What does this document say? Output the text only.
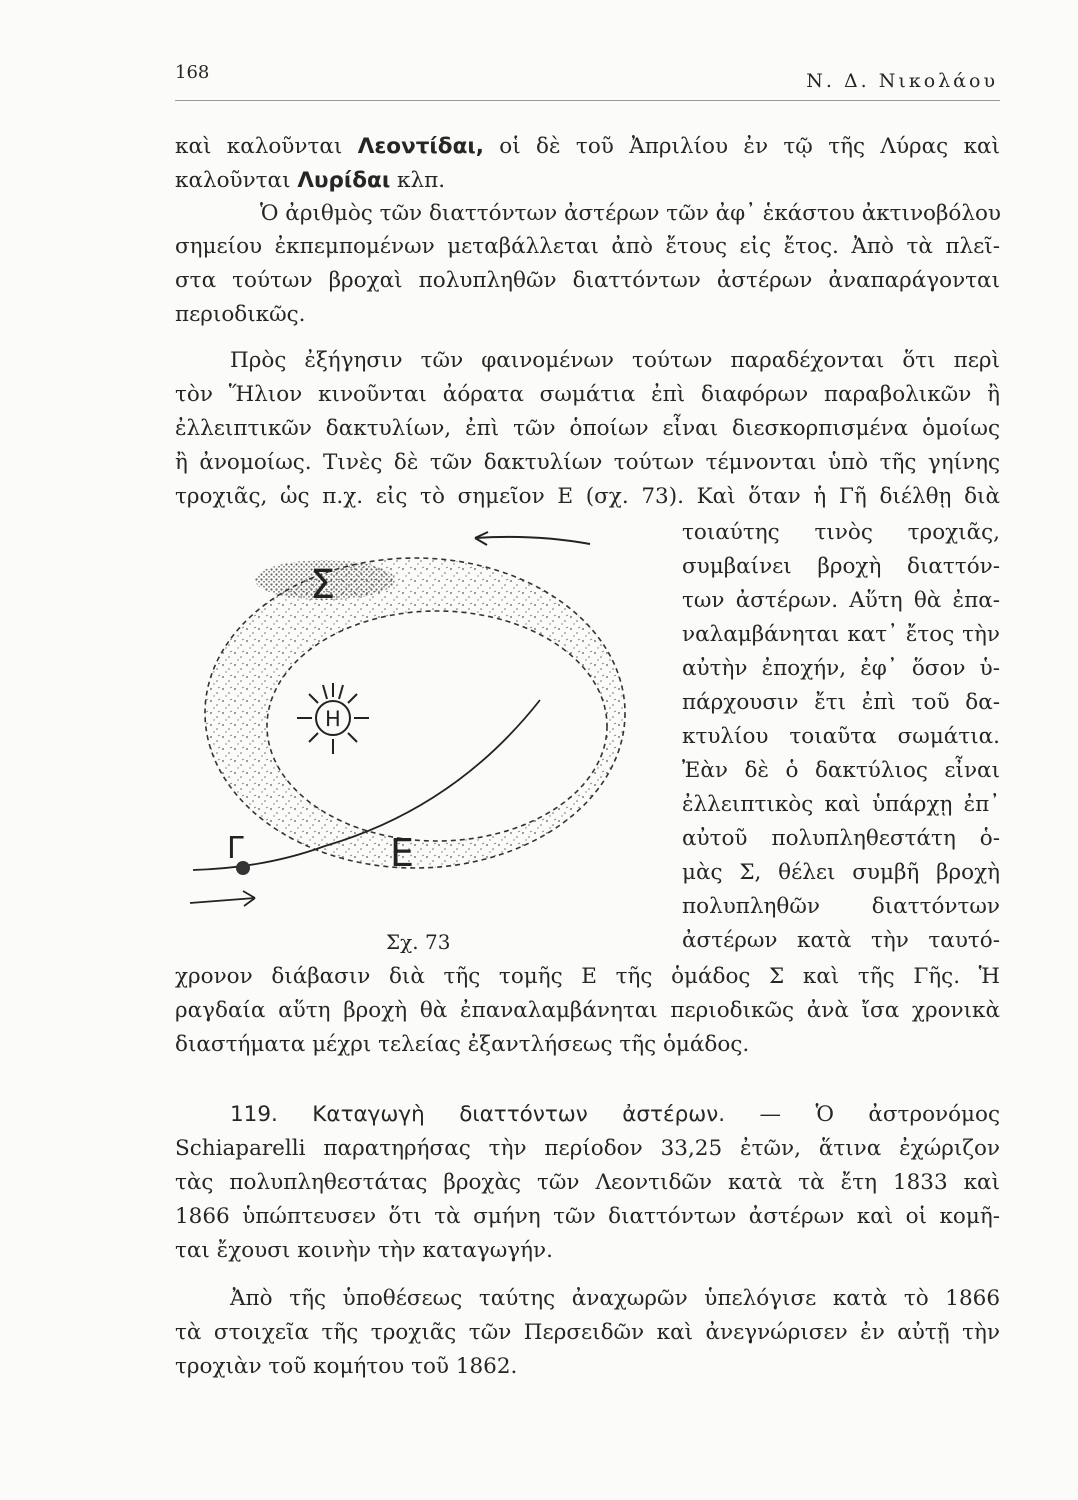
168	Ν. Δ. Νικολάου
καὶ καλοῦνται Λεοντίδαι, οἱ δὲ τοῦ Ἀπριλίου ἐν τῷ τῆς Λύρας καὶ
καλοῦνται Λυρίδαι κλπ.
Ὁ ἀριθμὸς τῶν διαττόντων ἀστέρων τῶν ἀφ᾽ ἑκάστου ἀκτινοβόλου
σημείου ἐκπεμπομένων μεταβάλλεται ἀπὸ ἔτους εἰς ἔτος. Ἀπὸ τὰ πλεῖ-
στα τούτων βροχαὶ πολυπληθῶν διαττόντων ἀστέρων ἀναπαράγονται
περιοδικῶς.
Πρὸς ἐξήγησιν τῶν φαινομένων τούτων παραδέχονται ὅτι περὶ
τὸν Ἥλιον κινοῦνται ἀόρατα σωμάτια ἐπὶ διαφόρων παραβολικῶν ἢ
ἐλλειπτικῶν δακτυλίων, ἐπὶ τῶν ὁποίων εἶναι διεσκορπισμένα ὁμοίως
ἢ ἀνομοίως. Τινὲς δὲ τῶν δακτυλίων τούτων τέμνονται ὑπὸ τῆς γηίνης
τροχιᾶς, ὡς π.χ. εἰς τὸ σημεῖον Ε (σχ. 73). Καὶ ὅταν ἡ Γῆ διέλθῃ διὰ
τοιαύτης τινὸς τροχιᾶς,
συμβαίνει βροχὴ διαττόν-
των ἀστέρων. Αὕτη θὰ ἐπα-
ναλαμβάνηται κατ᾽ ἔτος τὴν
αὐτὴν ἐποχήν, ἐφ᾽ ὅσον ὑ-
πάρχουσιν ἔτι ἐπὶ τοῦ δα-
κτυλίου τοιαῦτα σωμάτια.
Ἐὰν δὲ ὁ δακτύλιος εἶναι
ἐλλειπτικὸς καὶ ὑπάρχῃ ἐπ᾽
αὐτοῦ πολυπληθεστάτη ὁ-
μὰς Σ, θέλει συμβῆ βροχὴ
πολυπληθῶν διαττόντων
ἀστέρων κατὰ τὴν ταυτό-
Η
Σ
Ε
Γ
Σχ. 73
χρονον διάβασιν διὰ τῆς τομῆς Ε τῆς ὁμάδος Σ καὶ τῆς Γῆς. Ἡ
ραγδαία αὕτη βροχὴ θὰ ἐπαναλαμβάνηται περιοδικῶς ἀνὰ ἴσα χρονικὰ
διαστήματα μέχρι τελείας ἐξαντλήσεως τῆς ὁμάδος.
119. Καταγωγὴ διαττόντων ἀστέρων. — Ὁ ἀστρονόμος
Schiaparelli παρατηρήσας τὴν περίοδον 33,25 ἐτῶν, ἅτινα ἐχώριζον
τὰς πολυπληθεστάτας βροχὰς τῶν Λεοντιδῶν κατὰ τὰ ἔτη 1833 καὶ
1866 ὑπώπτευσεν ὅτι τὰ σμήνη τῶν διαττόντων ἀστέρων καὶ οἱ κομῆ-
ται ἔχουσι κοινὴν τὴν καταγωγήν.
Ἀπὸ τῆς ὑποθέσεως ταύτης ἀναχωρῶν ὑπελόγισε κατὰ τὸ 1866
τὰ στοιχεῖα τῆς τροχιᾶς τῶν Περσειδῶν καὶ ἀνεγνώρισεν ἐν αὐτῇ τὴν
τροχιὰν τοῦ κομήτου τοῦ 1862.
